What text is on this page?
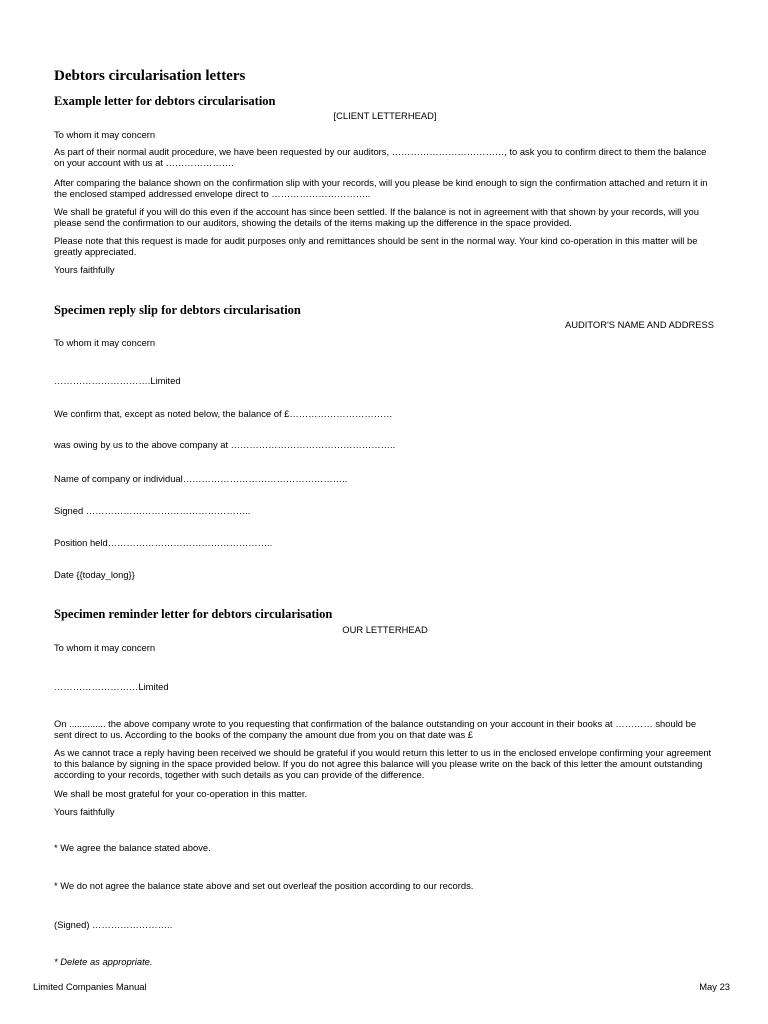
Debtors circularisation letters
Example letter for debtors circularisation
[CLIENT LETTERHEAD]
To whom it may concern
As part of their normal audit procedure, we have been requested by our auditors, ………………………………, to ask you to confirm direct to them the balance on your account with us at ………………….
After comparing the balance shown on the confirmation slip with your records, will you please be kind enough to sign the confirmation attached and return it in the enclosed stamped addressed envelope direct to …………………………..
We shall be grateful if you will do this even if the account has since been settled. If the balance is not in agreement with that shown by your records, will you please send the confirmation to our auditors, showing the details of the items making up the difference in the space provided.
Please note that this request is made for audit purposes only and remittances should be sent in the normal way. Your kind co-operation in this matter will be greatly appreciated.
Yours faithfully
Specimen reply slip for debtors circularisation
AUDITOR'S NAME AND ADDRESS
To whom it may concern
………………………….Limited
We confirm that, except as noted below, the balance of £……………………………
was owing by us to the above company at ……………………………………………..
Name of company or individual……………………………………………..
Signed ……………………………………………..
Position held……………………………………………..
Date {{today_long}}
Specimen reminder letter for debtors circularisation
OUR LETTERHEAD
To whom it may concern
………………………Limited
On .............. the above company wrote to you requesting that confirmation of the balance outstanding on your account in their books at ………… should be sent direct to us. According to the books of the company the amount due from you on that date was £
As we cannot trace a reply having been received we should be grateful if you would return this letter to us in the enclosed envelope confirming your agreement to this balance by signing in the space provided below. If you do not agree this balance will you please write on the back of this letter the amount outstanding according to your records, together with such details as you can provide of the difference.
We shall be most grateful for your co-operation in this matter.
Yours faithfully
* We agree the balance stated above.
* We do not agree the balance state above and set out overleaf the position according to our records.
(Signed) ……………………..
* Delete as appropriate.
Limited Companies Manual	May 23
